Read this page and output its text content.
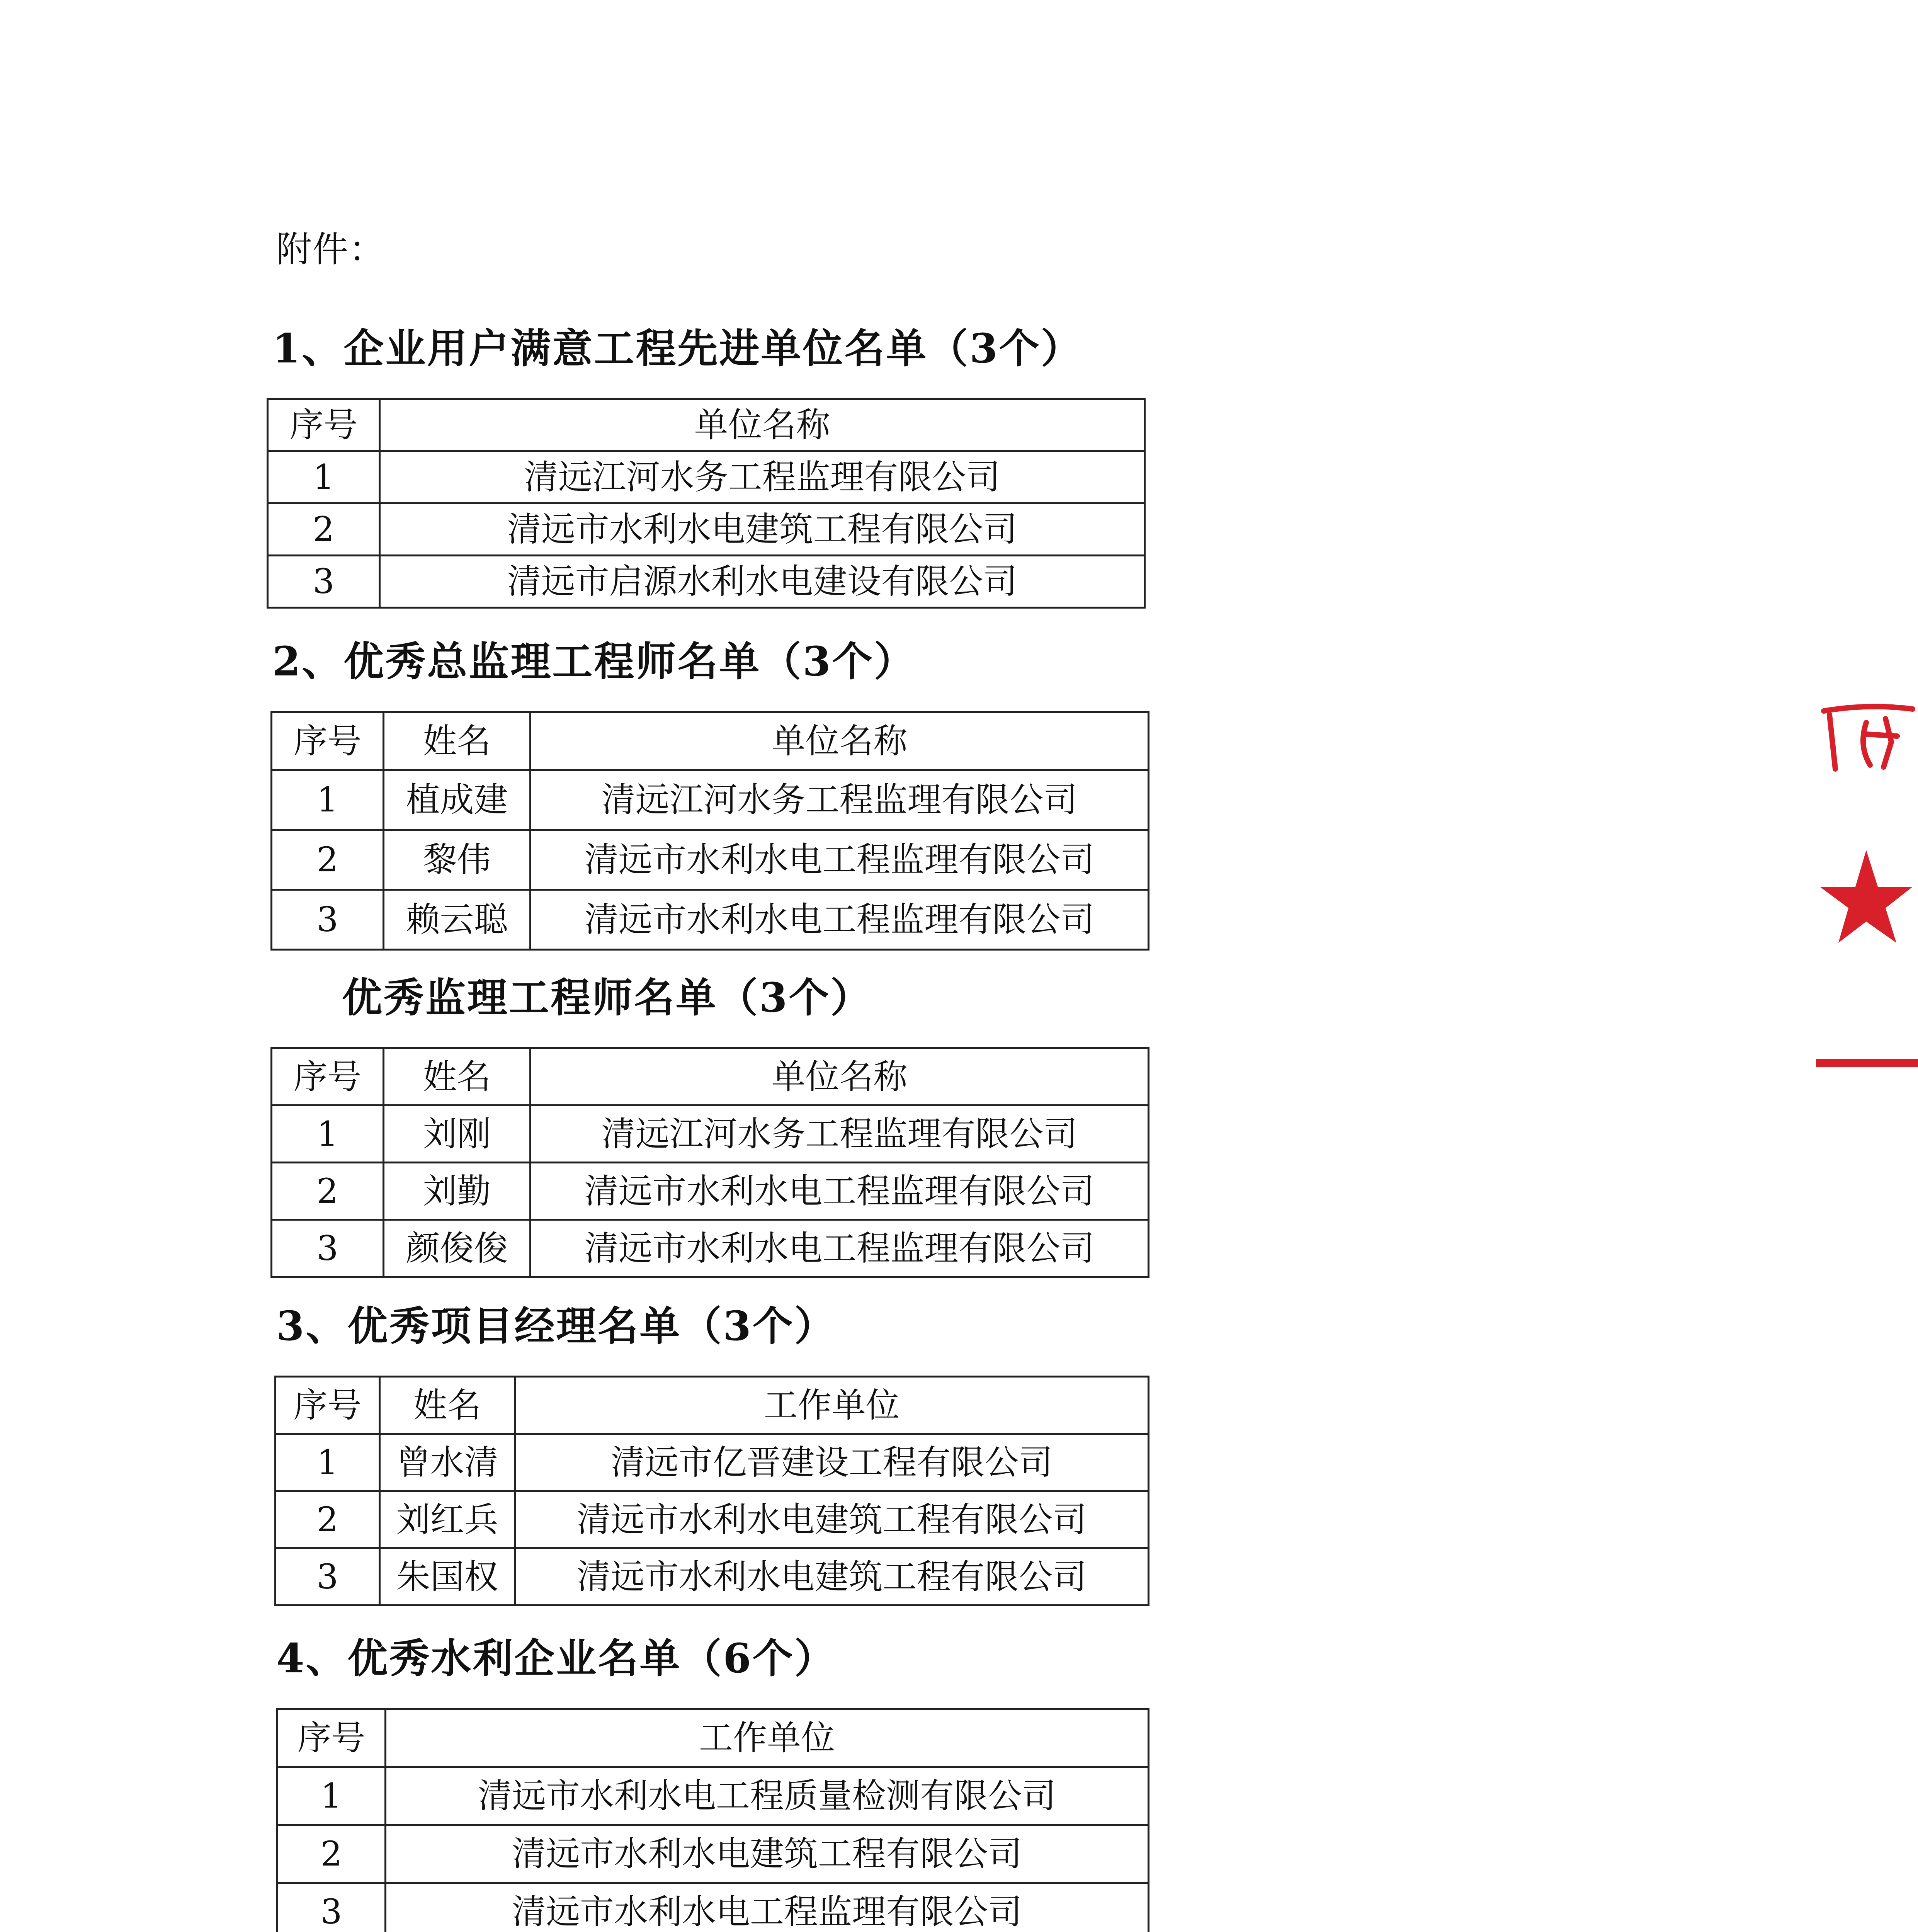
附件：
1、企业用户满意工程先进单位名单（3个）
序号	单位名称
1	清远江河水务工程监理有限公司
2	清远市水利水电建筑工程有限公司
3	清远市启源水利水电建设有限公司
2、优秀总监理工程师名单（3个）
序号	姓名	单位名称
1	植成建	清远江河水务工程监理有限公司
2	黎伟	清远市水利水电工程监理有限公司
3	赖云聪	清远市水利水电工程监理有限公司
优秀监理工程师名单（3个）
序号	姓名	单位名称
1	刘刚	清远江河水务工程监理有限公司
2	刘勤	清远市水利水电工程监理有限公司
3	颜俊俊	清远市水利水电工程监理有限公司
3、优秀项目经理名单（3个）
序号	姓名	工作单位
1	曾水清	清远市亿晋建设工程有限公司
2	刘红兵	清远市水利水电建筑工程有限公司
3	朱国权	清远市水利水电建筑工程有限公司
4、优秀水利企业名单（6个）
序号	工作单位
1	清远市水利水电工程质量检测有限公司
2	清远市水利水电建筑工程有限公司
3	清远市水利水电工程监理有限公司
